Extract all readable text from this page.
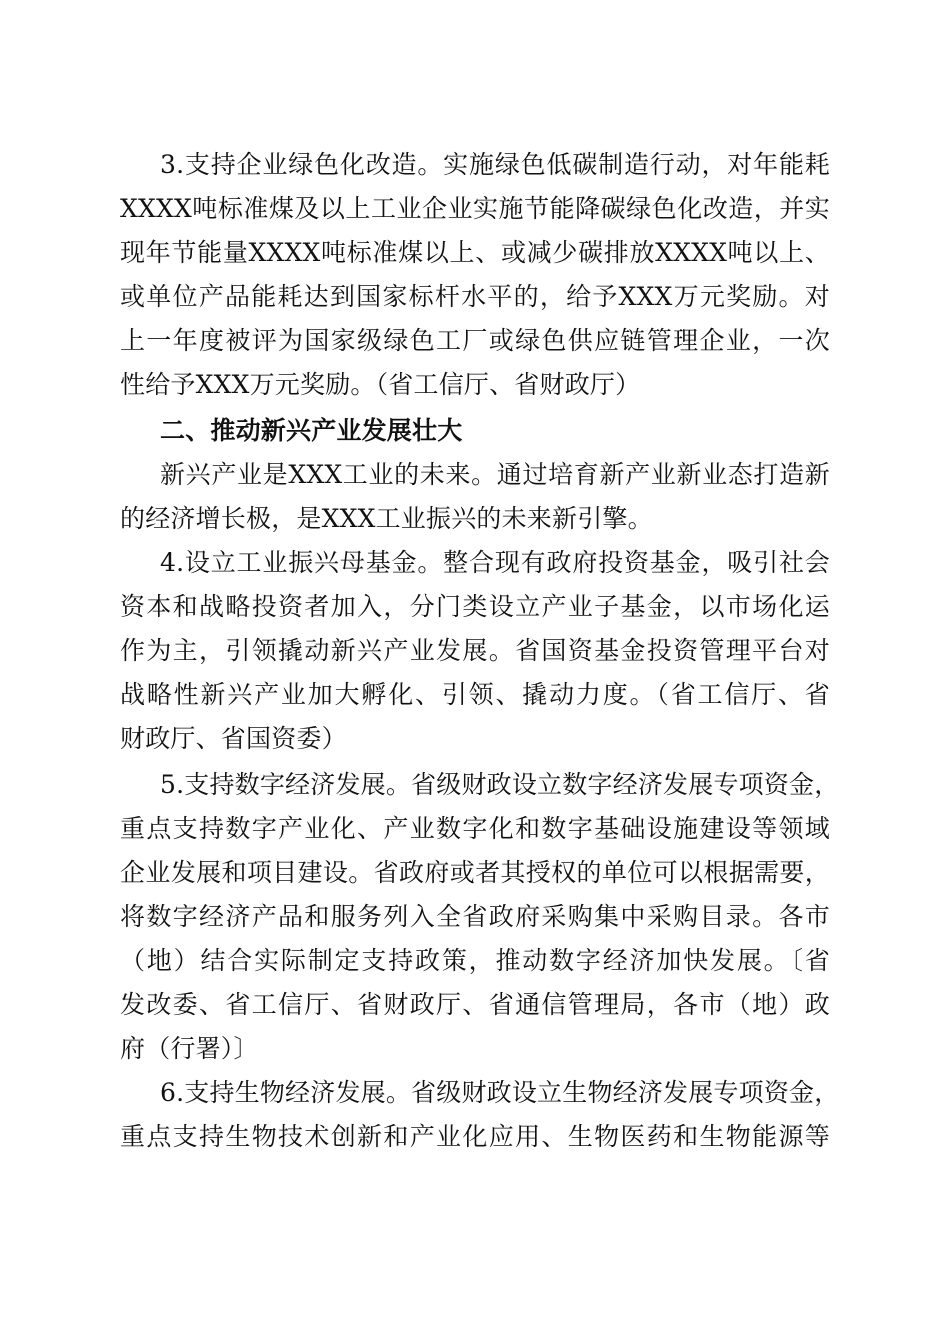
3.支持企业绿色化改造。实施绿色低碳制造行动，对年能耗
XXXX吨标准煤及以上工业企业实施节能降碳绿色化改造，并实
现年节能量XXXX吨标准煤以上、或减少碳排放XXXX吨以上、
或单位产品能耗达到国家标杆水平的，给予XXX万元奖励。对
上一年度被评为国家级绿色工厂或绿色供应链管理企业，一次
性给予XXX万元奖励。（省工信厅、省财政厅）
二、推动新兴产业发展壮大
新兴产业是XXX工业的未来。通过培育新产业新业态打造新
的经济增长极，是XXX工业振兴的未来新引擎。
4.设立工业振兴母基金。整合现有政府投资基金，吸引社会
资本和战略投资者加入，分门类设立产业子基金，以市场化运
作为主，引领撬动新兴产业发展。省国资基金投资管理平台对
战略性新兴产业加大孵化、引领、撬动力度。（省工信厅、省
财政厅、省国资委）
5.支持数字经济发展。省级财政设立数字经济发展专项资金，
重点支持数字产业化、产业数字化和数字基础设施建设等领域
企业发展和项目建设。省政府或者其授权的单位可以根据需要，
将数字经济产品和服务列入全省政府采购集中采购目录。各市
（地）结合实际制定支持政策，推动数字经济加快发展。〔省
发改委、省工信厅、省财政厅、省通信管理局，各市（地）政
府（行署）〕
6.支持生物经济发展。省级财政设立生物经济发展专项资金，
重点支持生物技术创新和产业化应用、生物医药和生物能源等
